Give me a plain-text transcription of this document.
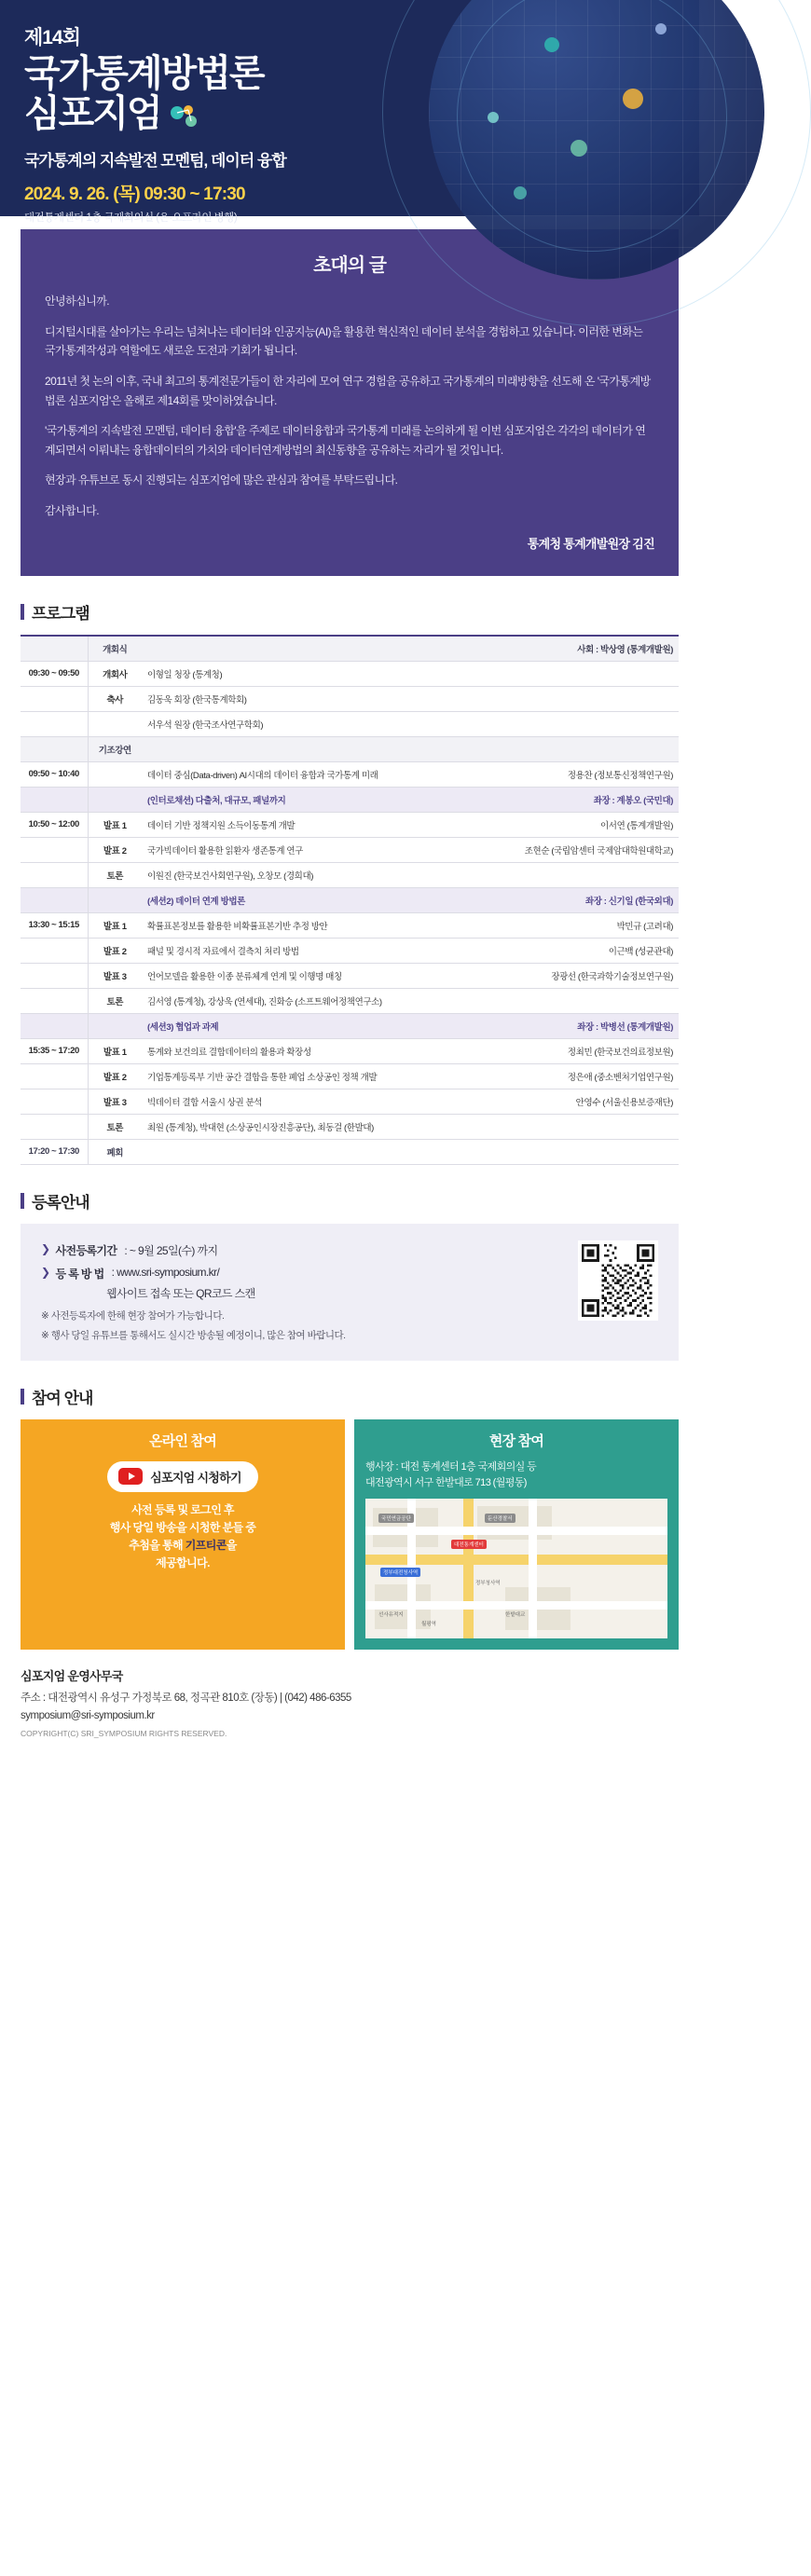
제14회
국가통계방법론
심포지엄
국가통계의 지속발전 모멘텀, 데이터 융합
2024. 9. 26. (목) 09:30 ~ 17:30
대전통계센터 1층 국제회의실 (온·오프라인 병행)
초대의 글

안녕하십니까.

디지털시대를 살아가는 우리는 넘쳐나는 데이터와 인공지능(AI)을 활용한 혁신적인 데이터 분석을 경험하고 있습니다. 이러한 변화는 국가통계작성과 역할에도 새로운 도전과 기회가 됩니다.

2011년 첫 논의 이후, 국내 최고의 통계전문가들이 한 자리에 모여 연구 경험을 공유하고 국가통계의 미래방향을 선도해 온 '국가통계방법론 심포지엄'은 올해로 제14회를 맞이하였습니다.

'국가통계의 지속발전 모멘텀, 데이터 융합'을 주제로 데이터융합과 국가통계 미래를 논의하게 될 이번 심포지엄은 각각의 데이터가 연계되면서 이뤄내는 융합데이터의 가치와 데이터연계방법의 최신동향을 공유하는 자리가 될 것입니다.

현장과 유튜브로 동시 진행되는 심포지엄에 많은 관심과 참여를 부탁드립니다.

감사합니다.

통계청 통계개발원장 김진
프로그램
	개회식		사회 : 박상영 (통계개발원)
09:30 ~ 09:50	개회사	이형일 청장 (통계청)	
	축사	김동욱 회장 (한국통계학회)	
		서우석 원장 (한국조사연구학회)	
	기조강연		
09:50 ~ 10:40		데이터 중심(Data-driven) AI시대의 데이터 융합과 국가통계 미래	정용찬 (정보통신정책연구원)
		(인터로채션) 다출처, 대규모, 패널까지	좌장 : 계봉오 (국민대)
10:50 ~ 12:00	발표 1	데이터 기반 정책지원 소득이동통계 개발	이서연 (통계개발원)
	발표 2	국가빅데이터 활용한 읽환자 생존통계 연구	조현순 (국립암센터 국제암대학원대학교)
	토론	이원진 (한국보건사회연구원), 오창모 (경희대)	
		(세션2) 데이터 연계 방법론	좌장 : 신기일 (한국외대)
13:30 ~ 15:15	발표 1	확률표본정보를 활용한 비확률표본기반 추정 방안	박민규 (고려대)
	발표 2	패널 및 경시적 자료에서 결측치 처리 방법	이근백 (성균관대)
	발표 3	언어모델을 활용한 이종 분류체계 연계 및 이행명 매칭	장광선 (한국과학기술정보연구원)
	토론	김서영 (통계청), 강상욱 (연세대), 진화승 (소프트웨어정책연구소)	
		(세션3) 협업과 과제	좌장 : 박병선 (통계개발원)
15:35 ~ 17:20	발표 1	통계와 보건의료 결합데이터의 활용과 확장성	정최민 (한국보건의료정보원)
	발표 2	기업통계등록부 기반 공간 결합을 통한 폐업 소상공인 정책 개발	정은애 (중소벤처기업연구원)
	발표 3	빅데이터 결합 서울시 상권 분석	안영수 (서울신용보증재단)
	토론	최원 (통계청), 박대현 (소상공인시장진흥공단), 최동걸 (한발대)	
17:20 ~ 17:30	폐회		
등록안내
❯ 사전등록기간 : ~ 9월 25일(수) 까지
❯ 등 록 방 법 : www.sri-symposium.kr/
웹사이트 접속 또는 QR코드 스캔
※ 사전등록자에 한해 현장 참여가 가능합니다.
※ 행사 당일 유튜브를 통해서도 실시간 방송될 예정이니, 많은 참여 바랍니다.
참여 안내
온라인 참여
심포지엄 시청하기
사전 등록 및 로그인 후
행사 당일 방송을 시청한 분들 중
추첨을 통해 기프티콘을
제공합니다.
현장 참여
행사장 : 대전 통계센터 1층 국제회의실 등
대전광역시 서구 한발대로 713 (월평동)
대전통계센터
정부대전청사역
둔산경찰서
국민연금공단
선사유적지	한밭대교
월평역
정부청사역
심포지엄 운영사무국
주소 : 대전광역시 유성구 가정북로 68, 정곡관 810호 (장동) | (042) 486-6355
symposium@sri-symposium.kr
COPYRIGHT(C) SRI_SYMPOSIUM RIGHTS RESERVED.
